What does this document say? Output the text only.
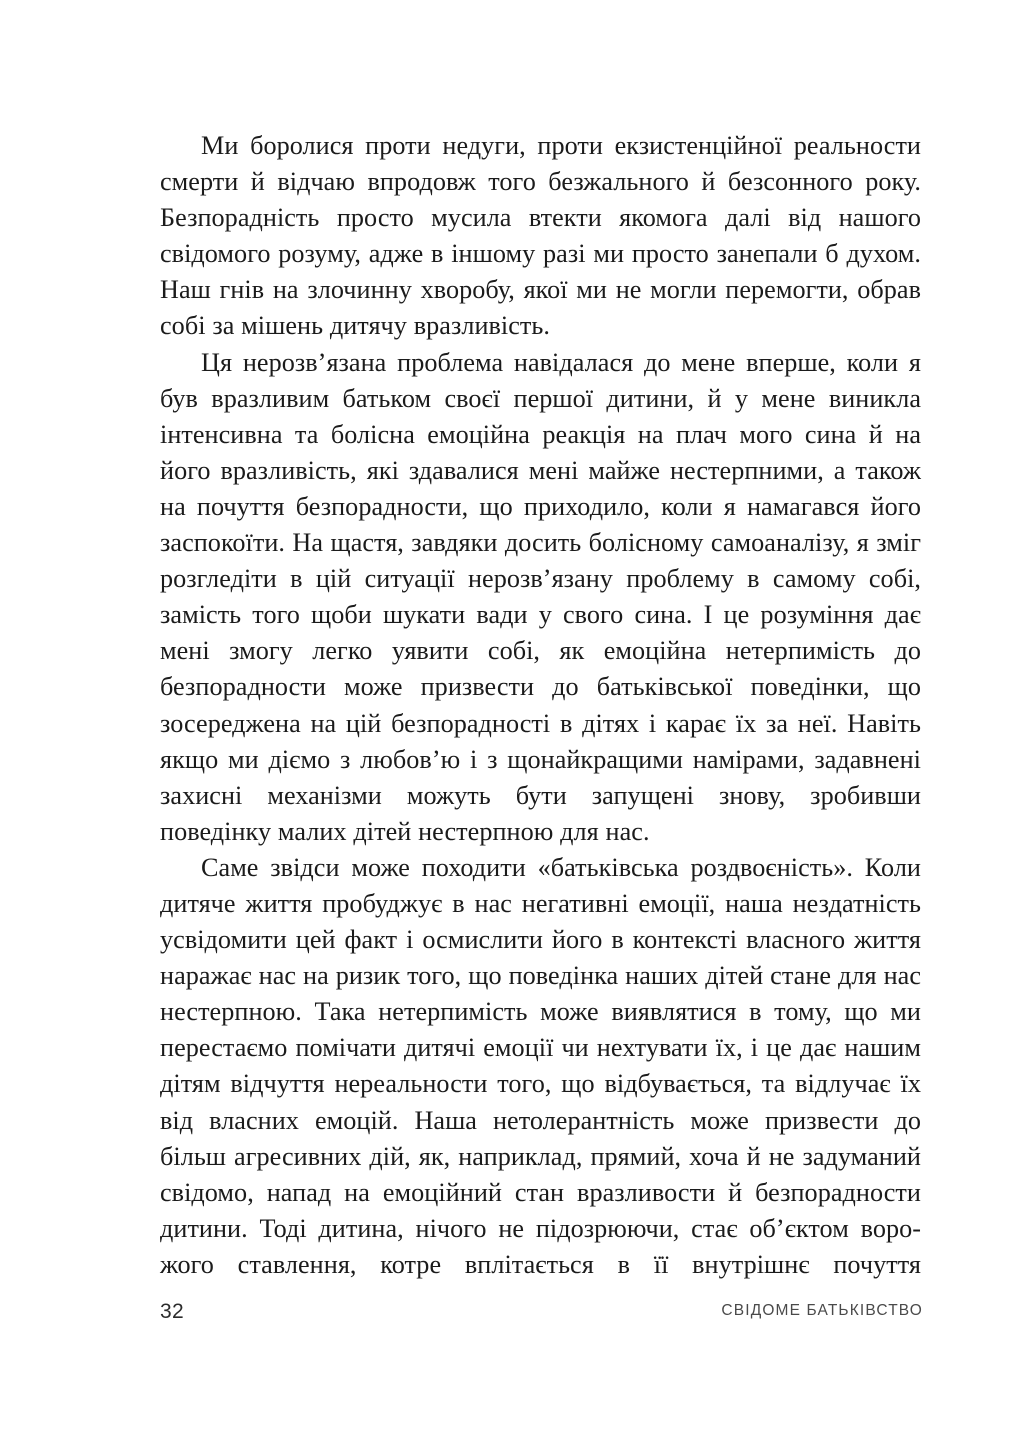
Ми боролися проти недуги, проти екзистенційної реальности смерти й відчаю впродовж того безжального й безсонного року. Безпорадність просто мусила втекти якомога далі від нашого свідомого розуму, адже в іншому разі ми просто занепали б духом. Наш гнів на злочинну хворобу, якої ми не могли перемогти, обрав собі за мішень дитячу вразливість.

Ця нерозв’язана проблема навідалася до мене вперше, коли я був вразливим батьком своєї першої дитини, й у мене виникла інтенсивна та болісна емоційна реакція на плач мого сина й на його вразливість, які здавалися мені майже нестерпними, а також на почуття безпорадности, що приходило, коли я намагався його заспокоїти. На щастя, завдяки досить болісному самоаналізу, я зміг розгледіти в цій ситуації нерозв’язану проблему в самому собі, замість того щоби шукати вади у свого сина. І це розуміння дає мені змогу легко уявити собі, як емоційна нетерпимість до безпорадности може призвести до батьківської поведінки, що зосереджена на цій безпорадності в дітях і карає їх за неї. Навіть якщо ми діємо з любов’ю і з щонайкращими намірами, задавнені захисні механізми можуть бути запущені знову, зробивши поведінку малих дітей нестерпною для нас.

Саме звідси може походити «батьківська роздвоєність». Коли дитяче життя пробуджує в нас негативні емоції, наша нездатність усвідомити цей факт і осмислити його в контексті власного життя наражає нас на ризик того, що поведінка наших дітей стане для нас нестерпною. Така нетерпимість може виявлятися в тому, що ми перестаємо помічати дитячі емоції чи нехтувати їх, і це дає нашим дітям відчуття нереальности того, що відбувається, та відлучає їх від власних емоцій. Наша нетолерантність може призвести до більш агресивних дій, як, наприклад, прямий, хоча й не задуманий свідомо, напад на емоційний стан вразливости й безпорадности дитини. Тоді дитина, нічого не підозрюючи, стає об’єктом ворожого ставлення, котре вплітається в її внутрішнє почуття

32	СВІДОМЕ БАТЬКІВСТВО
